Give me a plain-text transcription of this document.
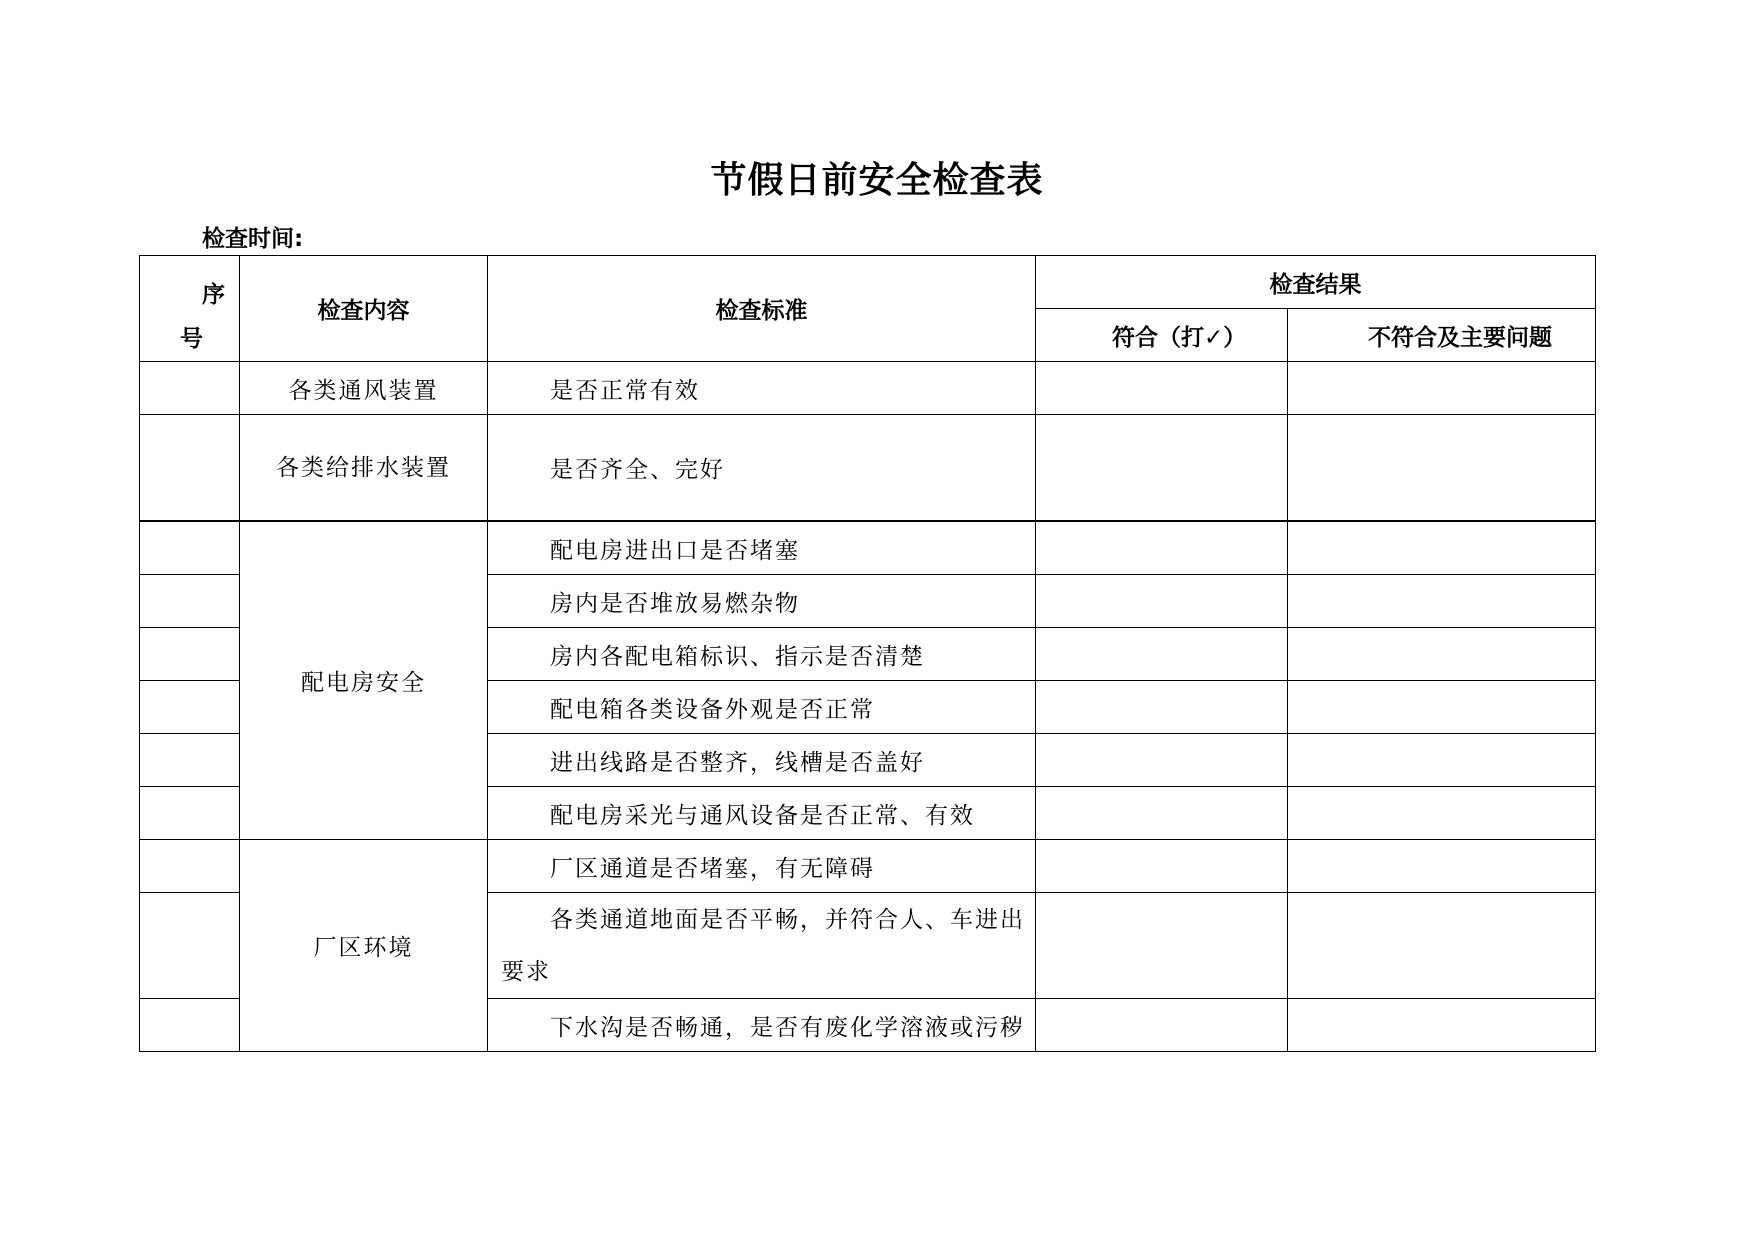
节假日前安全检查表
检查时间:
序
号	检查内容	检查标准	检查结果	
			符合（打✓）	不符合及主要问题
	各类通风装置	是否正常有效		
	各类给排水装置	是否齐全、完好		
	配电房安全	配电房进出口是否堵塞		
		房内是否堆放易燃杂物		
		房内各配电箱标识、指示是否清楚		
		配电箱各类设备外观是否正常		
		进出线路是否整齐，线槽是否盖好		
		配电房采光与通风设备是否正常、有效		
	厂区环境	厂区通道是否堵塞，有无障碍		
		各类通道地面是否平畅，并符合人、车进出要求		
		下水沟是否畅通，是否有废化学溶液或污秽		
